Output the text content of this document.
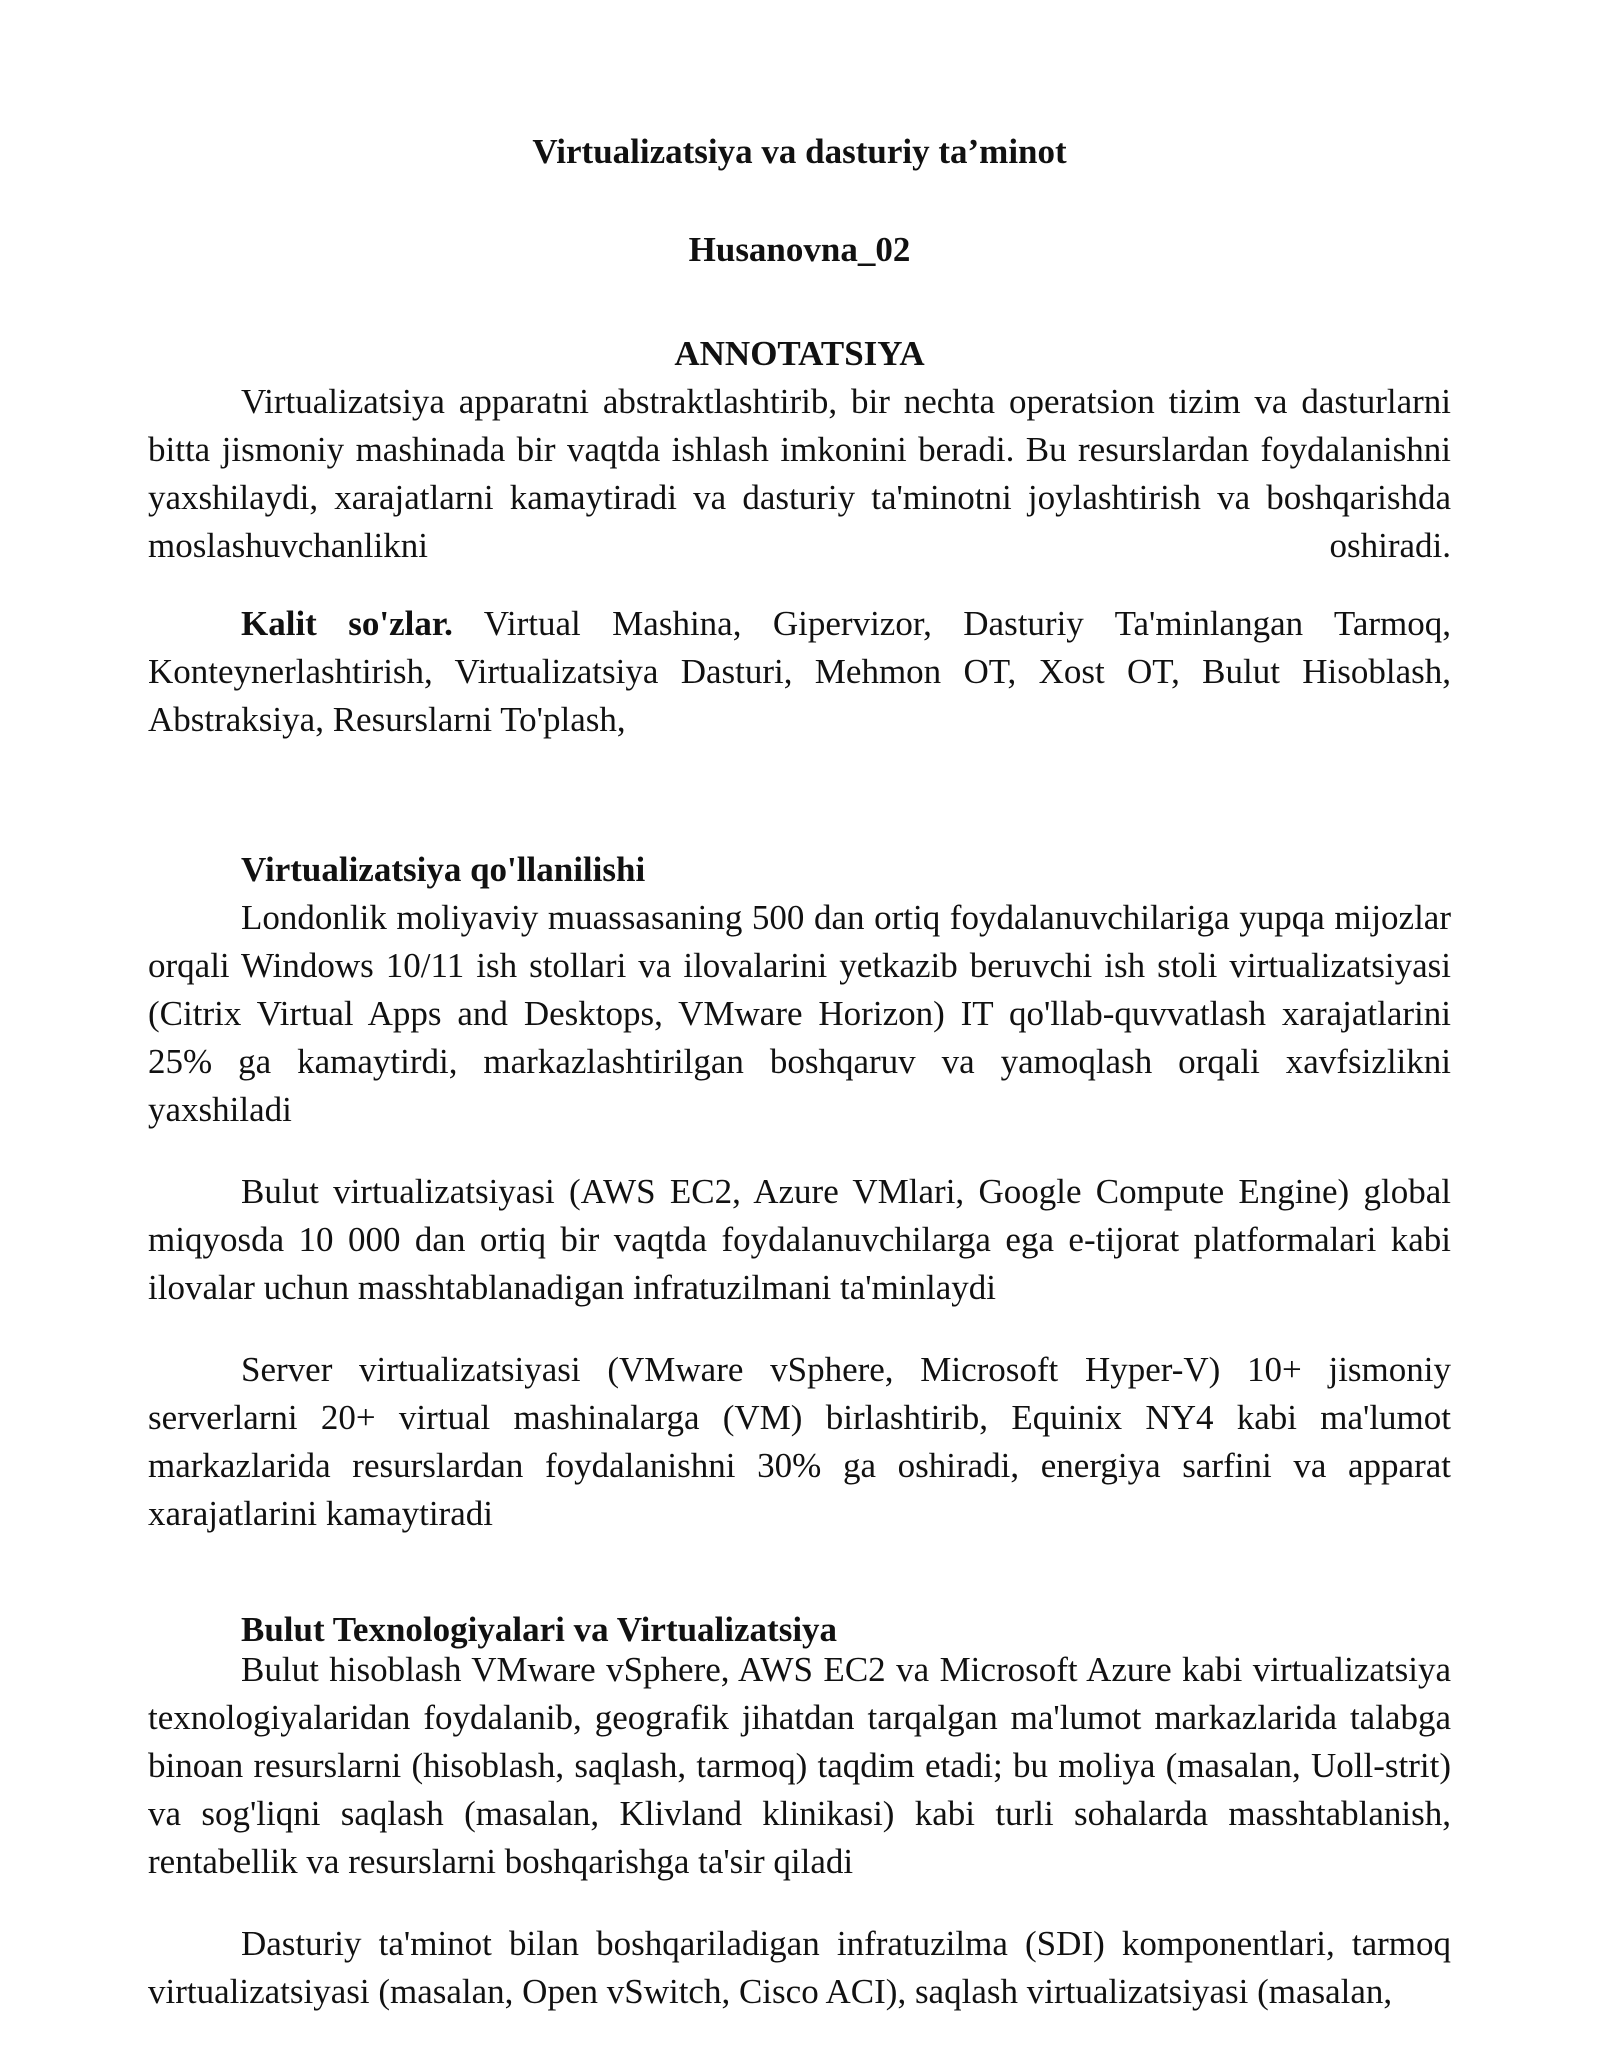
Virtualizatsiya va dasturiy ta’minot
Husanovna_02
ANNOTATSIYA

Virtualizatsiya apparatni abstraktlashtirib, bir nechta operatsion tizim va dasturlarni bitta jismoniy mashinada bir vaqtda ishlash imkonini beradi. Bu resurslardan foydalanishni yaxshilaydi, xarajatlarni kamaytiradi va dasturiy ta'minotni joylashtirish va boshqarishda moslashuvchanlikni oshiradi.

Kalit so'zlar. Virtual Mashina, Gipervizor, Dasturiy Ta'minlangan Tarmoq, Konteynerlashtirish, Virtualizatsiya Dasturi, Mehmon OT, Xost OT, Bulut Hisoblash, Abstraksiya, Resurslarni To'plash,

Virtualizatsiya qo'llanilishi

Londonlik moliyaviy muassasaning 500 dan ortiq foydalanuvchilariga yupqa mijozlar orqali Windows 10/11 ish stollari va ilovalarini yetkazib beruvchi ish stoli virtualizatsiyasi (Citrix Virtual Apps and Desktops, VMware Horizon) IT qo'llab-quvvatlash xarajatlarini 25% ga kamaytirdi, markazlashtirilgan boshqaruv va yamoqlash orqali xavfsizlikni yaxshiladi

Bulut virtualizatsiyasi (AWS EC2, Azure VMlari, Google Compute Engine) global miqyosda 10 000 dan ortiq bir vaqtda foydalanuvchilarga ega e-tijorat platformalari kabi ilovalar uchun masshtablanadigan infratuzilmani ta'minlaydi

Server virtualizatsiyasi (VMware vSphere, Microsoft Hyper-V) 10+ jismoniy serverlarni 20+ virtual mashinalarga (VM) birlashtirib, Equinix NY4 kabi ma'lumot markazlarida resurslardan foydalanishni 30% ga oshiradi, energiya sarfini va apparat xarajatlarini kamaytiradi

Bulut Texnologiyalari va Virtualizatsiya

Bulut hisoblash VMware vSphere, AWS EC2 va Microsoft Azure kabi virtualizatsiya texnologiyalaridan foydalanib, geografik jihatdan tarqalgan ma'lumot markazlarida talabga binoan resurslarni (hisoblash, saqlash, tarmoq) taqdim etadi; bu moliya (masalan, Uoll-strit) va sog'liqni saqlash (masalan, Klivland klinikasi) kabi turli sohalarda masshtablanish, rentabellik va resurslarni boshqarishga ta'sir qiladi

Dasturiy ta'minot bilan boshqariladigan infratuzilma (SDI) komponentlari, tarmoq virtualizatsiyasi (masalan, Open vSwitch, Cisco ACI), saqlash virtualizatsiyasi (masalan,
